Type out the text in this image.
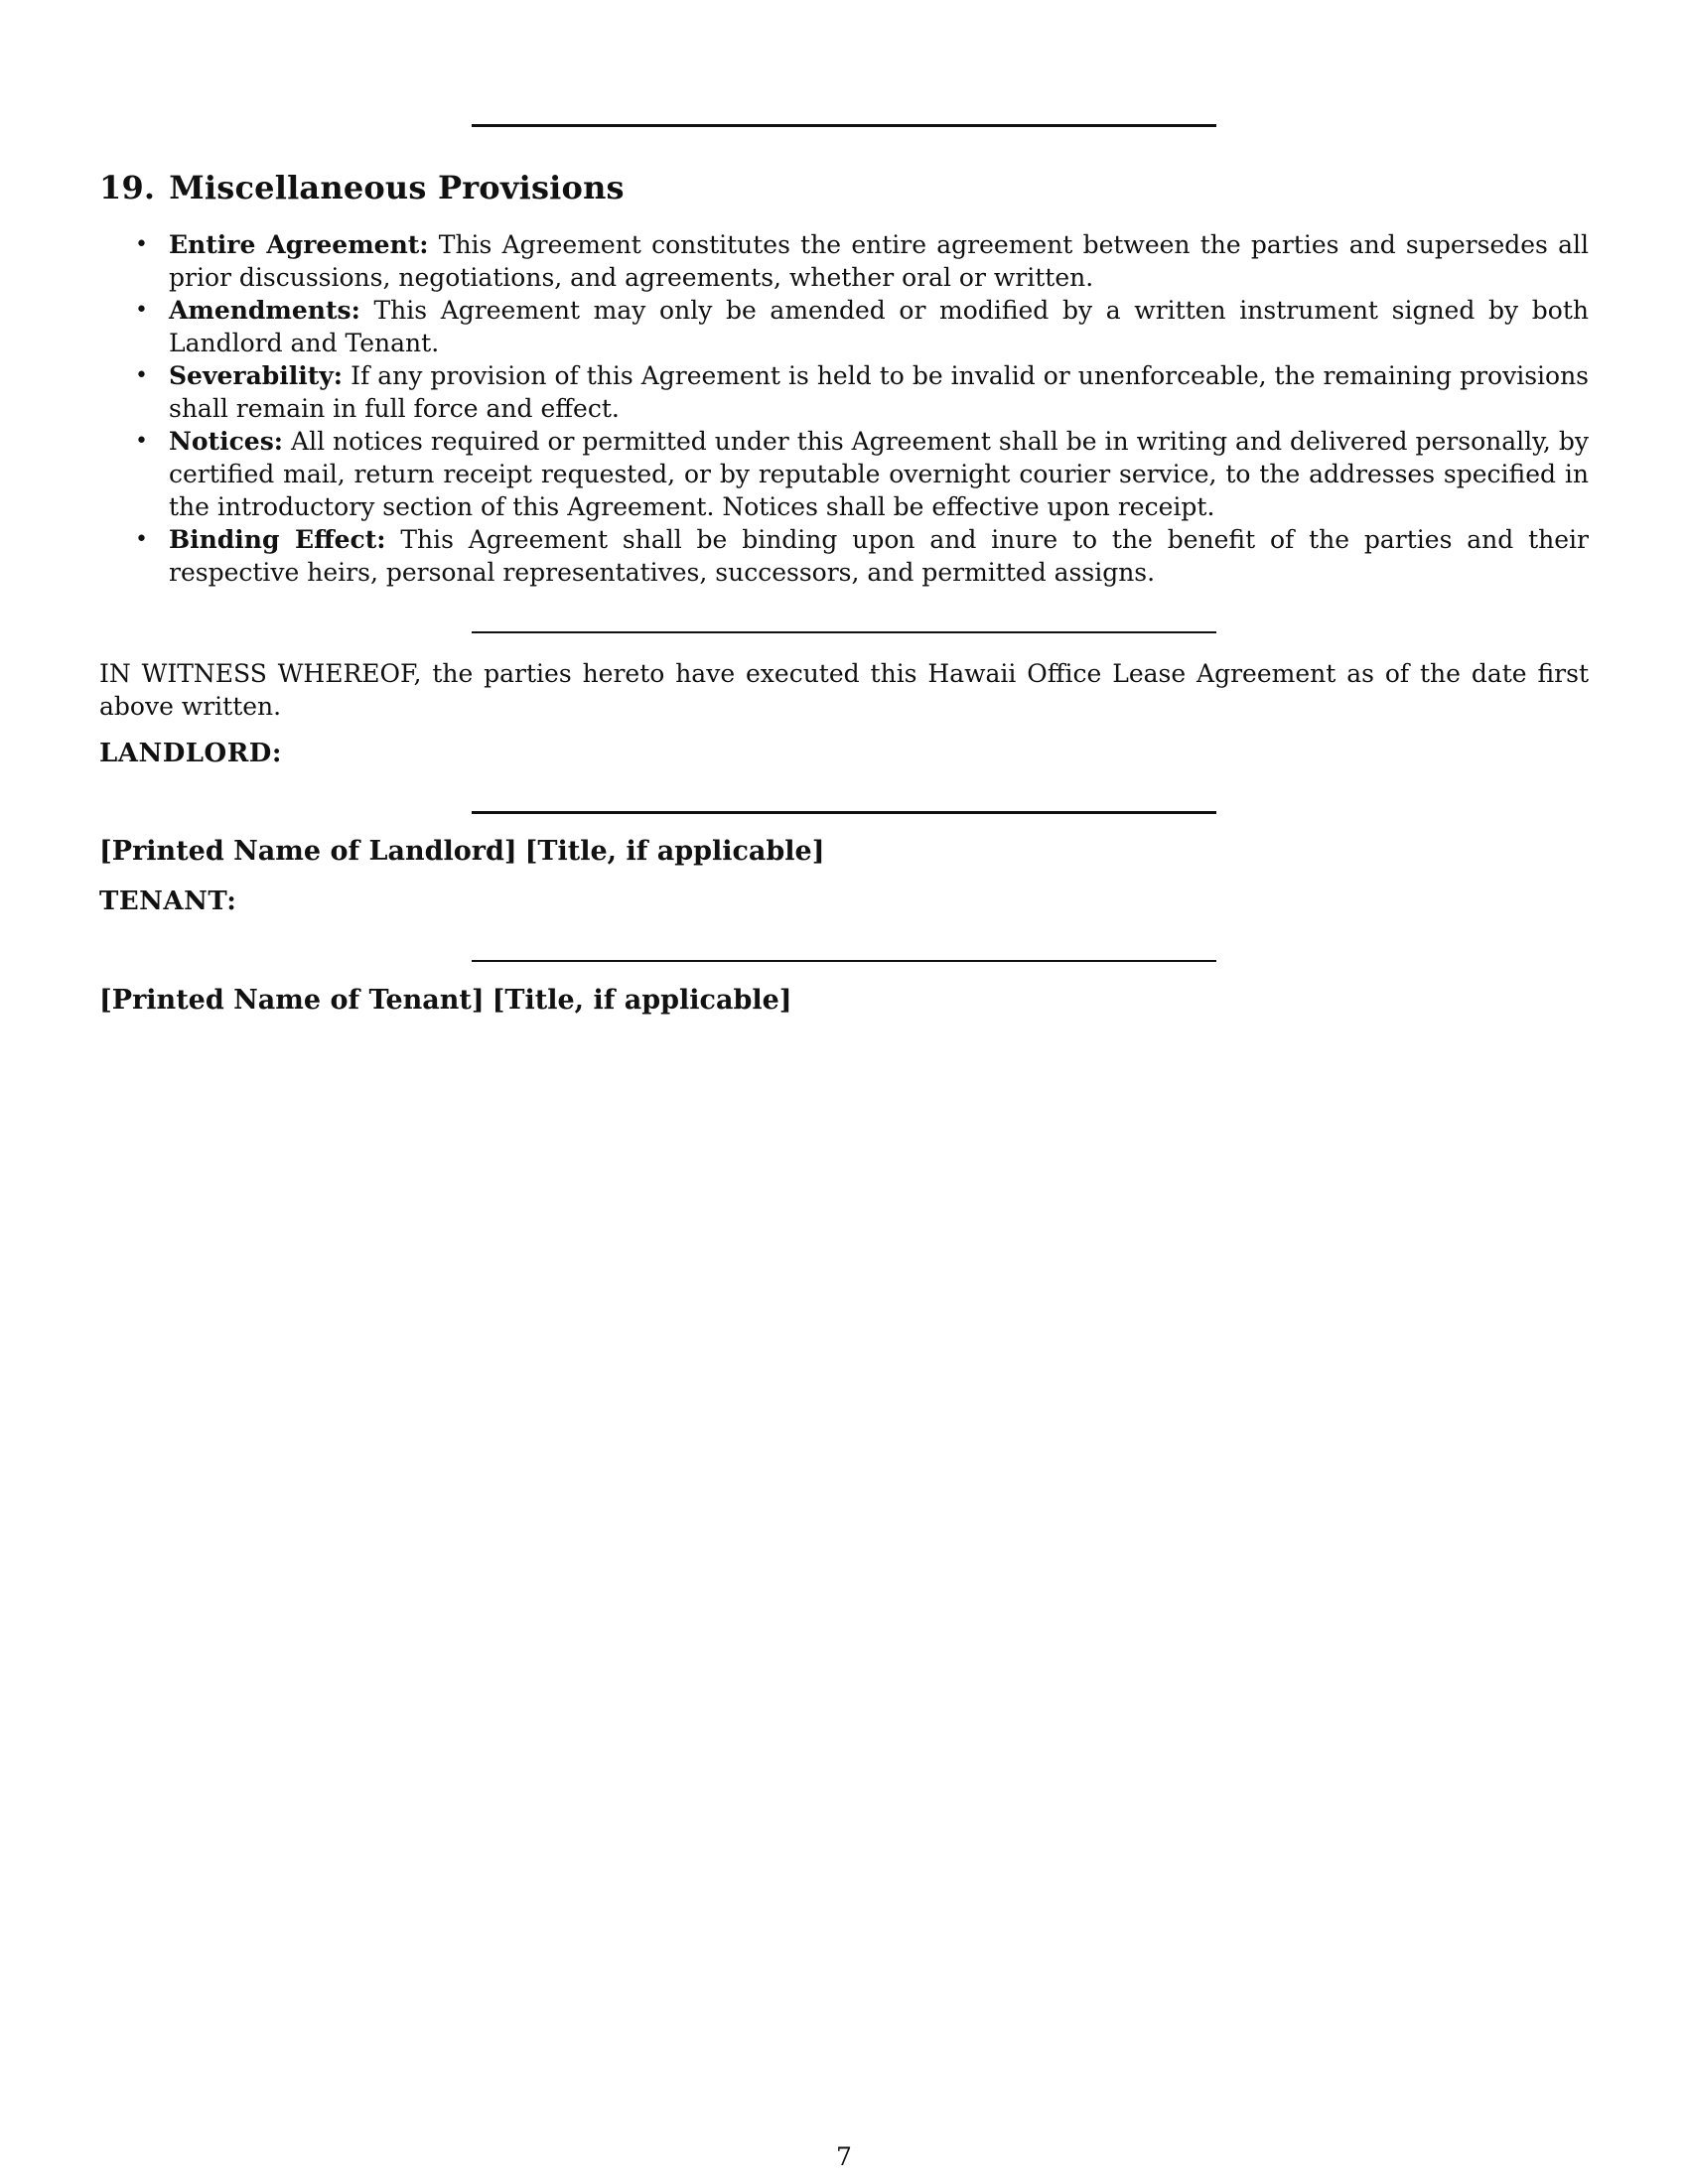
19. Miscellaneous Provisions
• Entire Agreement: This Agreement constitutes the entire agreement between the parties and supersedes all prior discussions, negotiations, and agreements, whether oral or written.
• Amendments: This Agreement may only be amended or modified by a written instrument signed by both Landlord and Tenant.
• Severability: If any provision of this Agreement is held to be invalid or unenforceable, the remaining provisions shall remain in full force and effect.
• Notices: All notices required or permitted under this Agreement shall be in writing and delivered personally, by certified mail, return receipt requested, or by reputable overnight courier service, to the addresses specified in the introductory section of this Agreement. Notices shall be effective upon receipt.
• Binding Effect: This Agreement shall be binding upon and inure to the benefit of the parties and their respective heirs, personal representatives, successors, and permitted assigns.

IN WITNESS WHEREOF, the parties hereto have executed this Hawaii Office Lease Agreement as of the date first above written.

LANDLORD:

[Printed Name of Landlord] [Title, if applicable]

TENANT:

[Printed Name of Tenant] [Title, if applicable]

7
